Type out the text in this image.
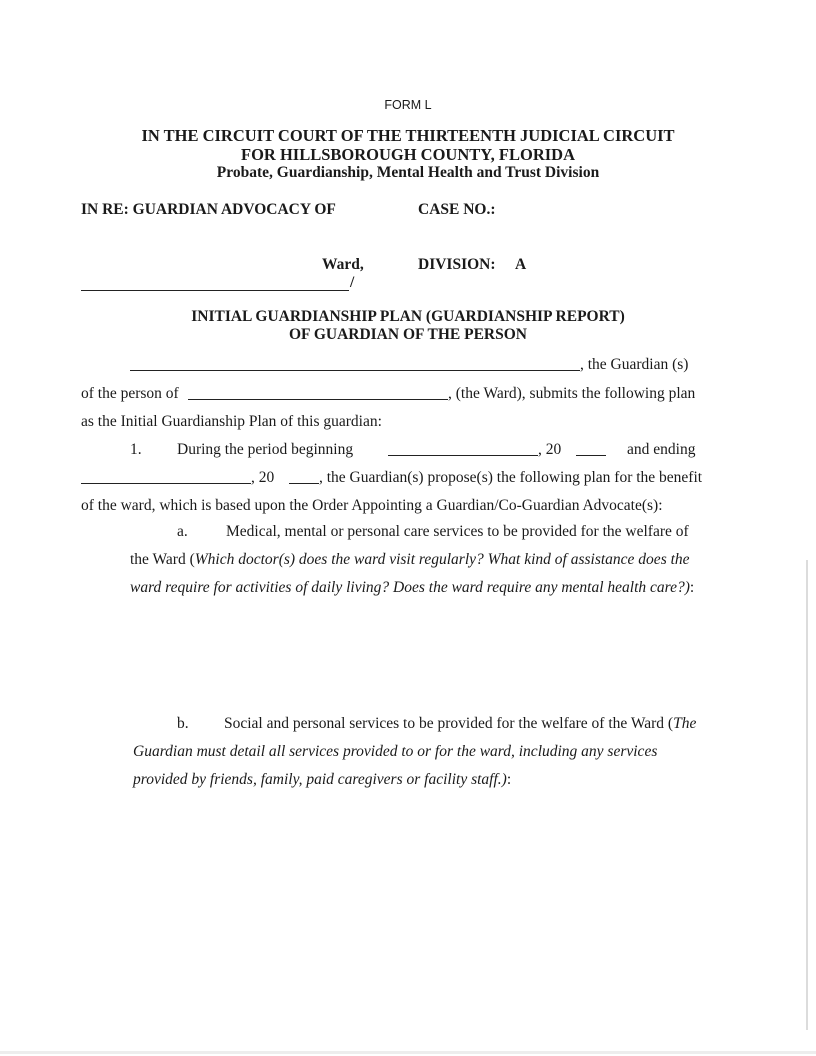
FORM L
IN THE CIRCUIT COURT OF THE THIRTEENTH JUDICIAL CIRCUIT
FOR HILLSBOROUGH COUNTY, FLORIDA
Probate, Guardianship, Mental Health and Trust Division
IN RE: GUARDIAN ADVOCACY OF	CASE NO.:
Ward,	DIVISION: A
/
INITIAL GUARDIANSHIP PLAN (GUARDIANSHIP REPORT)
OF GUARDIAN OF THE PERSON
, the Guardian (s)
of the person of	, (the Ward), submits the following plan
as the Initial Guardianship Plan of this guardian:
1. During the period beginning	, 20	and ending
, 20	, the Guardian(s) propose(s) the following plan for the benefit
of the ward, which is based upon the Order Appointing a Guardian/Co-Guardian Advocate(s):
a. Medical, mental or personal care services to be provided for the welfare of
the Ward (Which doctor(s) does the ward visit regularly? What kind of assistance does the
ward require for activities of daily living? Does the ward require any mental health care?):
b. Social and personal services to be provided for the welfare of the Ward (The
Guardian must detail all services provided to or for the ward, including any services
provided by friends, family, paid caregivers or facility staff.):
